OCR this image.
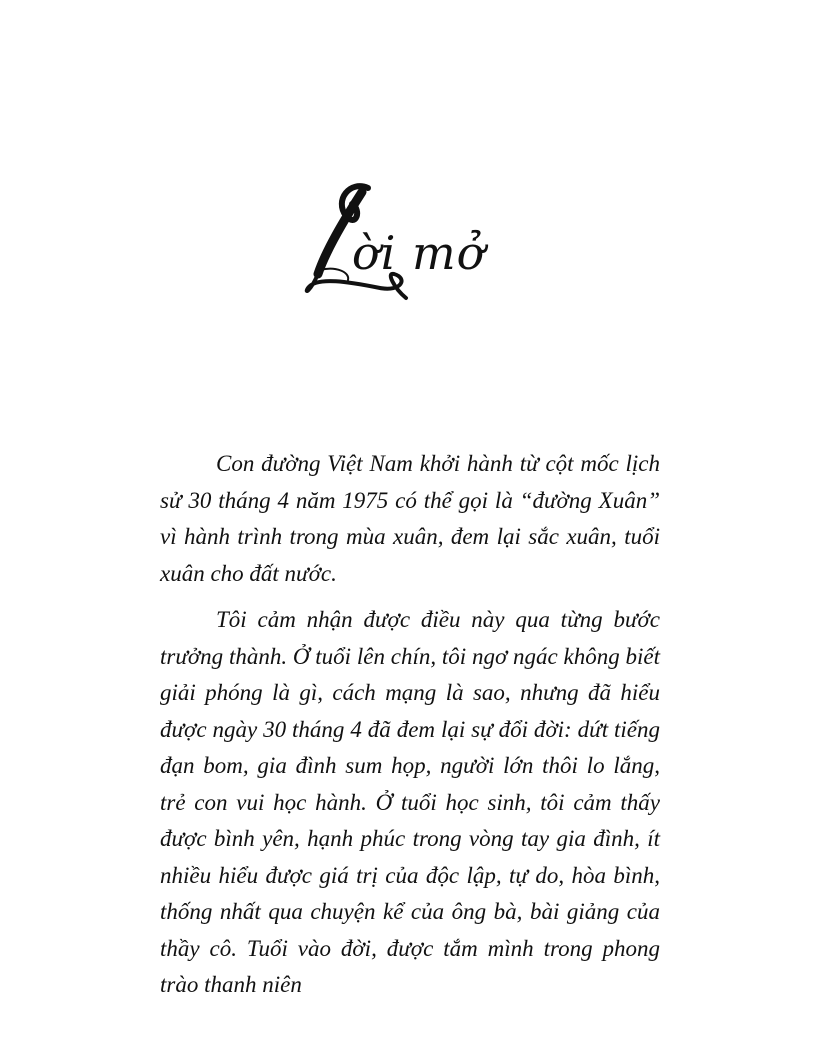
ời mở

Con đường Việt Nam khởi hành từ cột mốc lịch sử 30 tháng 4 năm 1975 có thể gọi là “đường Xuân” vì hành trình trong mùa xuân, đem lại sắc xuân, tuổi xuân cho đất nước.

Tôi cảm nhận được điều này qua từng bước trưởng thành. Ở tuổi lên chín, tôi ngơ ngác không biết giải phóng là gì, cách mạng là sao, nhưng đã hiểu được ngày 30 tháng 4 đã đem lại sự đổi đời: dứt tiếng đạn bom, gia đình sum họp, người lớn thôi lo lắng, trẻ con vui học hành. Ở tuổi học sinh, tôi cảm thấy được bình yên, hạnh phúc trong vòng tay gia đình, ít nhiều hiểu được giá trị của độc lập, tự do, hòa bình, thống nhất qua chuyện kể của ông bà, bài giảng của thầy cô. Tuổi vào đời, được tắm mình trong phong trào thanh niên
